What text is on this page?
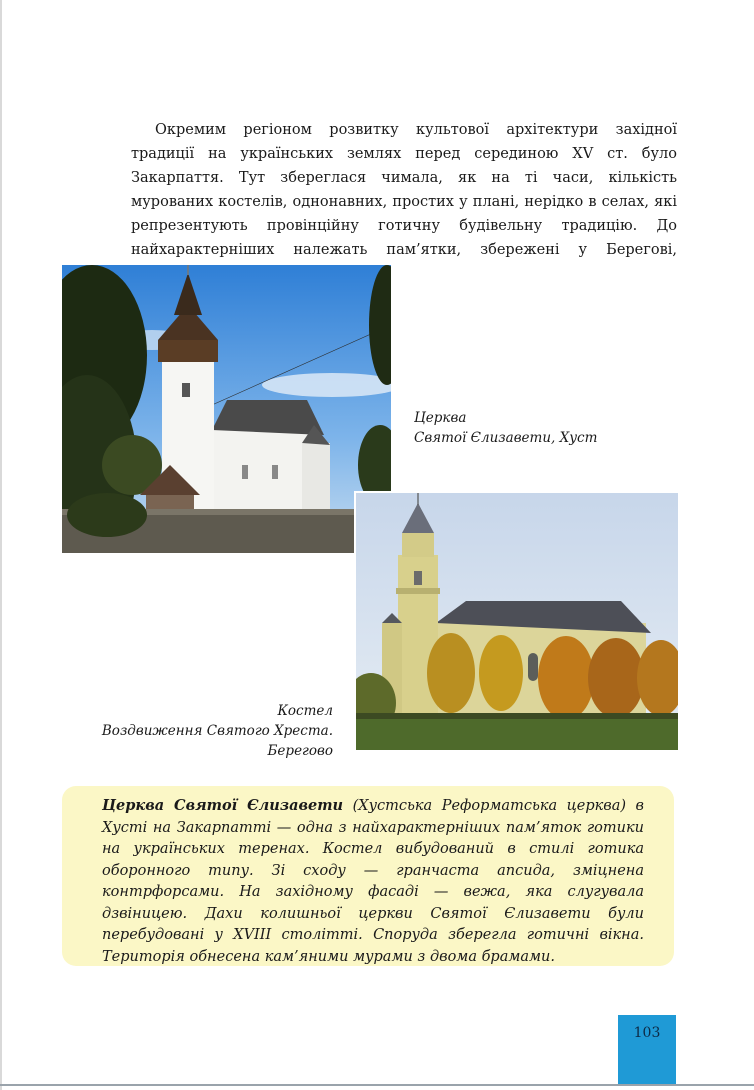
Окремим регіоном розвитку культової архітектури західної традиції на українських землях перед серединою XV ст. було Закарпаття. Тут збереглася чимала, як на ті часи, кількість мурованих костелів, однонавних, простих у плані, нерідко в селах, які репрезентують провінційну готичну будівельну традицію. До найхарактерніших належать пам’ятки, збережені у Берегові,

Церква
Святої Єлизавети, Хуст
Костел
Воздвиження Святого Хреста.
Берегово

Церква Святої Єлизавети (Хустська Реформатська церква) в Хусті на Закарпатті — одна з найхарактерніших пам’яток готики на українських теренах. Костел вибудований в стилі готика оборонного типу. Зі сходу — гранчаста апсида, зміцнена контрфорсами. На західному фасаді — вежа, яка слугувала дзвіницею. Дахи колишньої церкви Святої Єлизавети були перебудовані у XVIII столітті. Споруда зберегла готичні вікна. Територія обнесена кам’яними мурами з двома брамами.

103
